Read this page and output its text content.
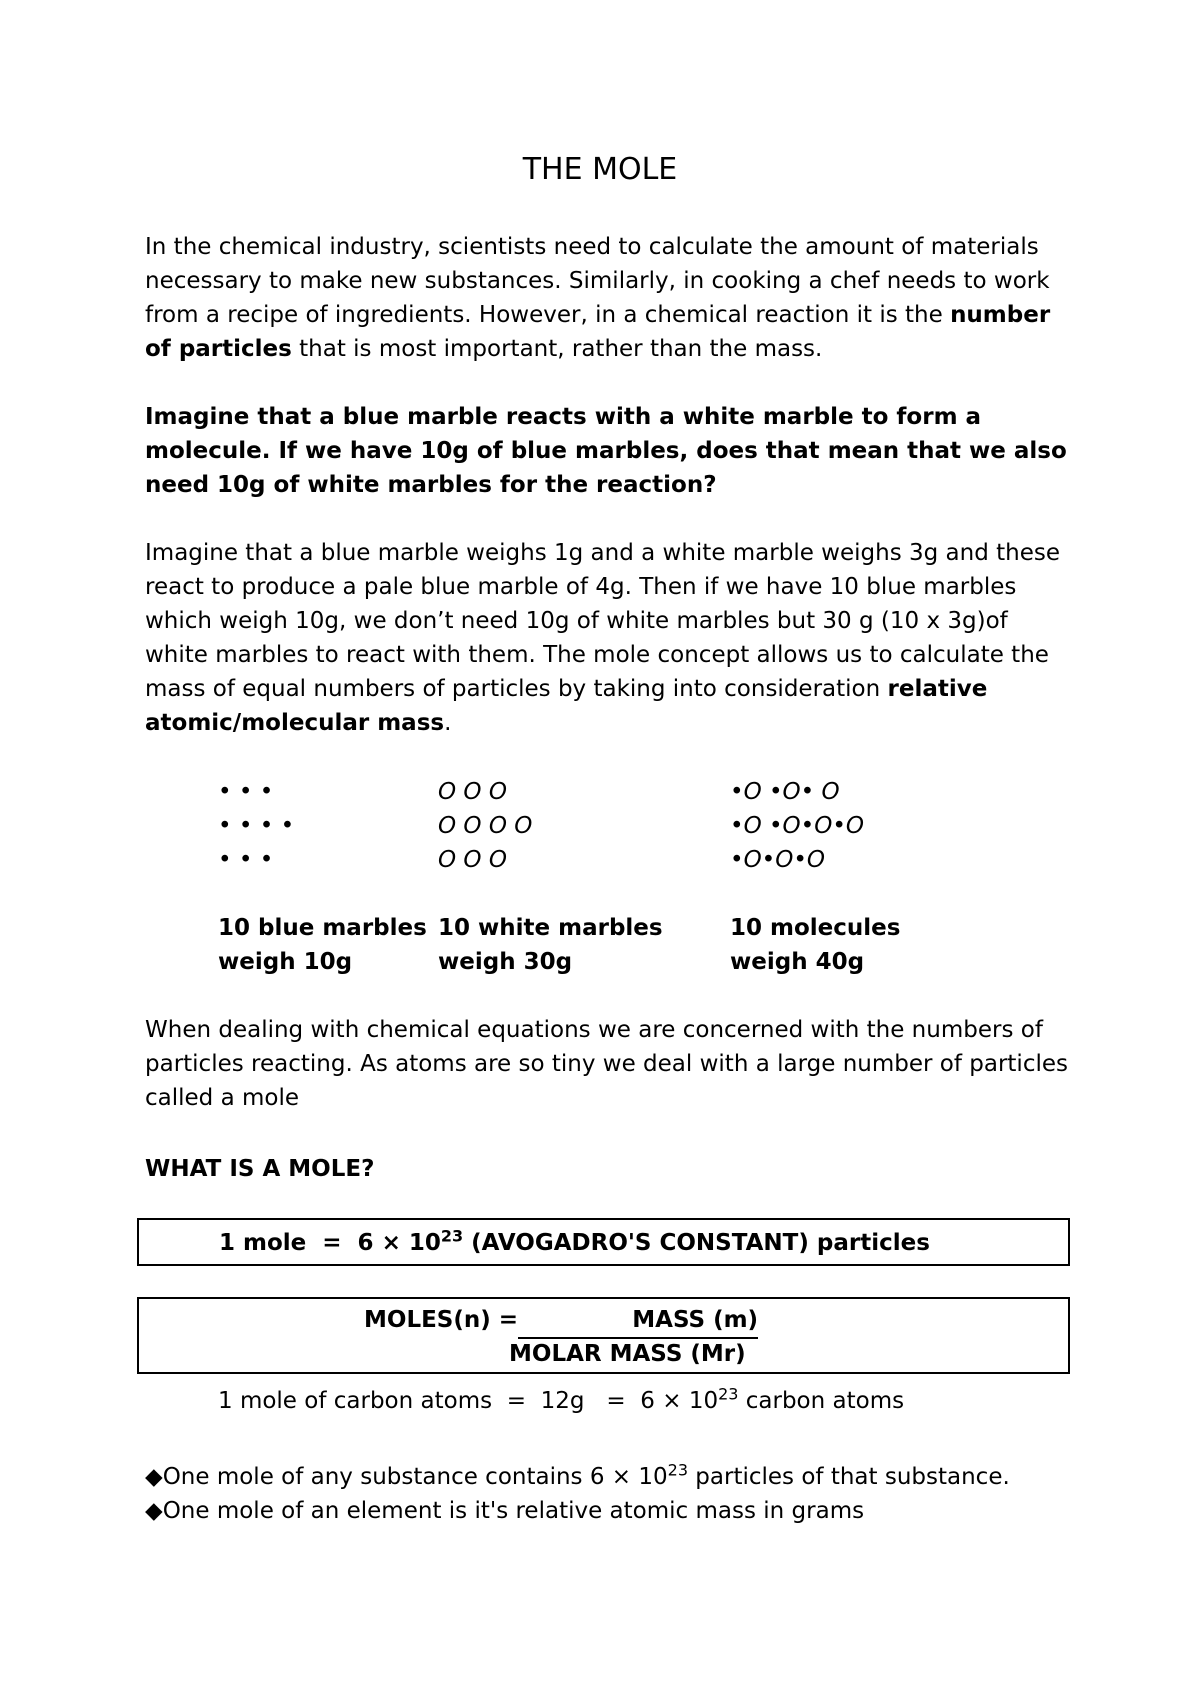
THE MOLE

In the chemical industry, scientists need to calculate the amount of materials necessary to make new substances. Similarly, in cooking a chef needs to work from a recipe of ingredients. However, in a chemical reaction it is the number of particles that is most important, rather than the mass.

Imagine that a blue marble reacts with a white marble to form a molecule. If we have 10g of blue marbles, does that mean that we also need 10g of white marbles for the reaction?

Imagine that a blue marble weighs 1g and a white marble weighs 3g and these react to produce a pale blue marble of 4g. Then if we have 10 blue marbles which weigh 10g, we don’t need 10g of white marbles but 30 g (10 x 3g)of white marbles to react with them. The mole concept allows us to calculate the mass of equal numbers of particles by taking into consideration relative atomic/molecular mass.

• • •
• • • •
• • •
10 blue marbles
weigh 10g
O O O
O O O O
O O O
10 white marbles
weigh 30g
•O •O• O
•O •O•O•O
•O•O•O
10 molecules
weigh 40g

When dealing with chemical equations we are concerned with the numbers of particles reacting. As atoms are so tiny we deal with a large number of particles called a mole

WHAT IS A MOLE?
1 mole  =  $6 \times 10^{23}$ (AVOGADRO'S CONSTANT) particles
MOLES(n) =	MASS (m)
MOLAR MASS (Mr)
1 mole of carbon atoms  =  $12g = 6 \times 10^{23}$ carbon atoms
◆One mole of any substance contains $6 \times 10^{23}$ particles of that substance.
◆One mole of an element is it's relative atomic mass in grams
